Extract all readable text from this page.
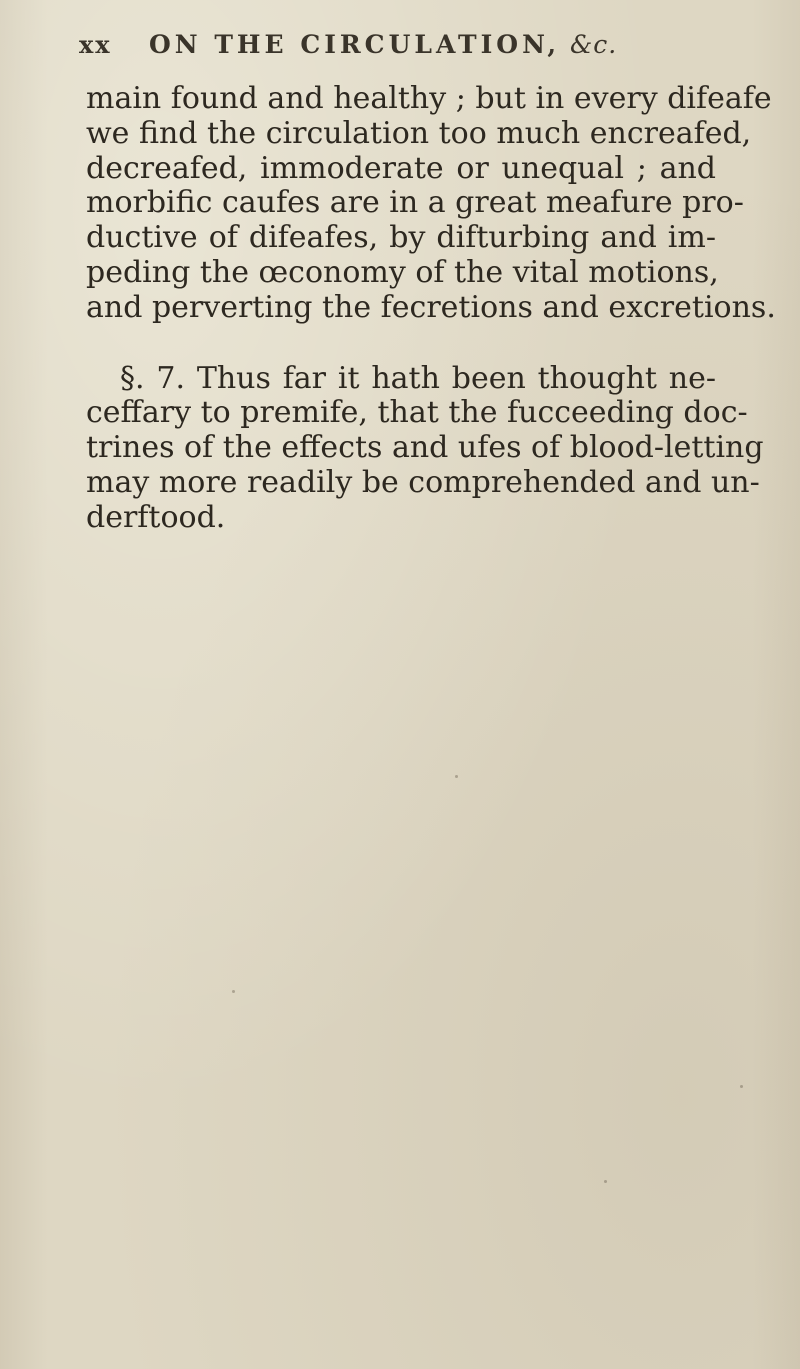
xx	ON THE CIRCULATION, &c.
main found and healthy ; but in every difeafe
we find the circulation too much encreafed,
decreafed, immoderate or unequal ; and
morbific caufes are in a great meafure pro-
ductive of difeafes, by difturbing and im-
peding the œconomy of the vital motions,
and perverting the fecretions and excretions.
§. 7. Thus far it hath been thought ne-
ceffary to premife, that the fucceeding doc-
trines of the effects and ufes of blood-letting
may more readily be comprehended and un-
derftood.
